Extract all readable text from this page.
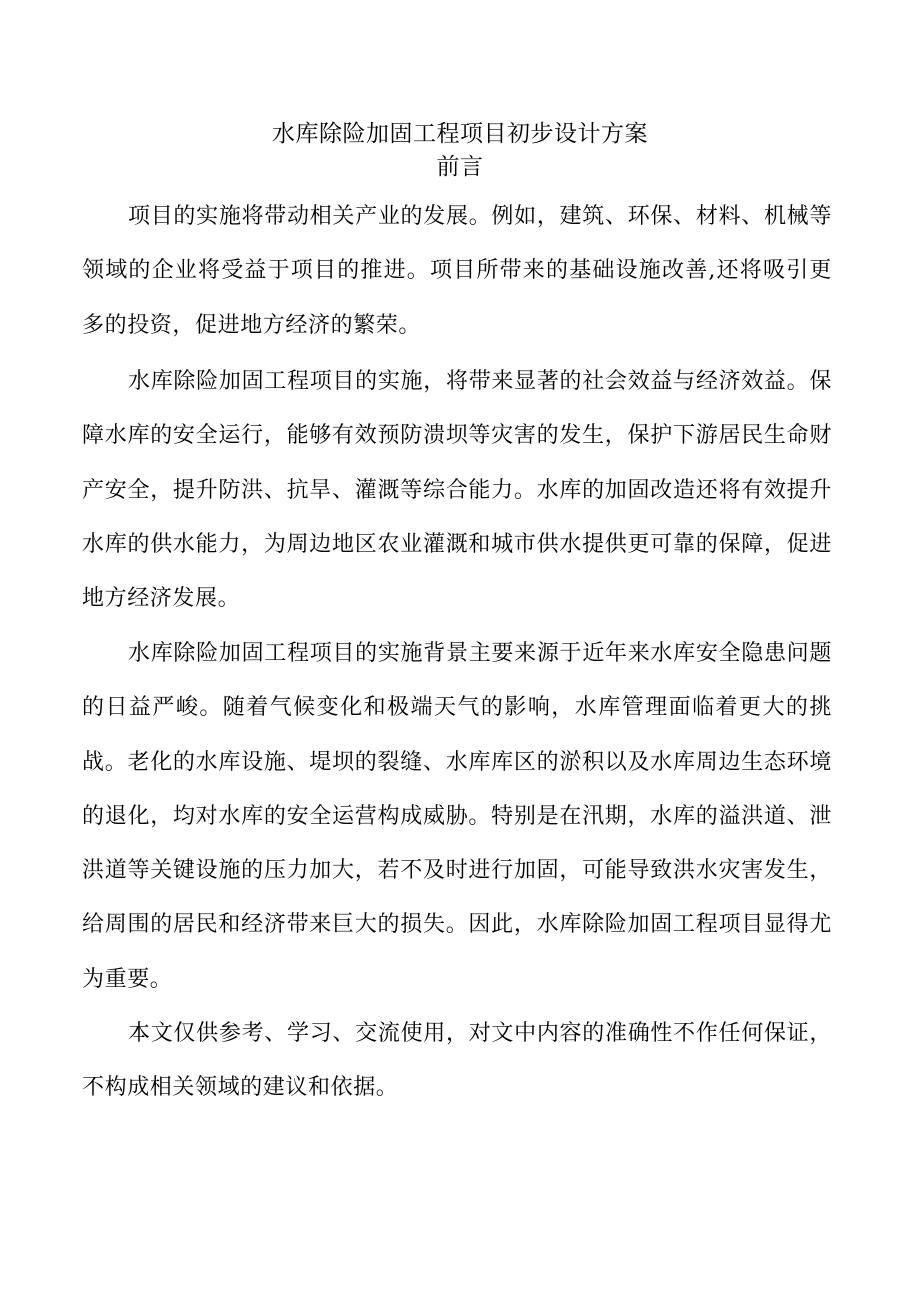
水库除险加固工程项目初步设计方案
前言

项目的实施将带动相关产业的发展。例如，建筑、环保、材料、机械等领域的企业将受益于项目的推进。项目所带来的基础设施改善,还将吸引更多的投资，促进地方经济的繁荣。

水库除险加固工程项目的实施，将带来显著的社会效益与经济效益。保障水库的安全运行，能够有效预防溃坝等灾害的发生，保护下游居民生命财产安全，提升防洪、抗旱、灌溉等综合能力。水库的加固改造还将有效提升水库的供水能力，为周边地区农业灌溉和城市供水提供更可靠的保障，促进地方经济发展。

水库除险加固工程项目的实施背景主要来源于近年来水库安全隐患问题的日益严峻。随着气候变化和极端天气的影响，水库管理面临着更大的挑战。老化的水库设施、堤坝的裂缝、水库库区的淤积以及水库周边生态环境的退化，均对水库的安全运营构成威胁。特别是在汛期，水库的溢洪道、泄洪道等关键设施的压力加大，若不及时进行加固，可能导致洪水灾害发生，给周围的居民和经济带来巨大的损失。因此，水库除险加固工程项目显得尤为重要。

本文仅供参考、学习、交流使用，对文中内容的准确性不作任何保证，不构成相关领域的建议和依据。
